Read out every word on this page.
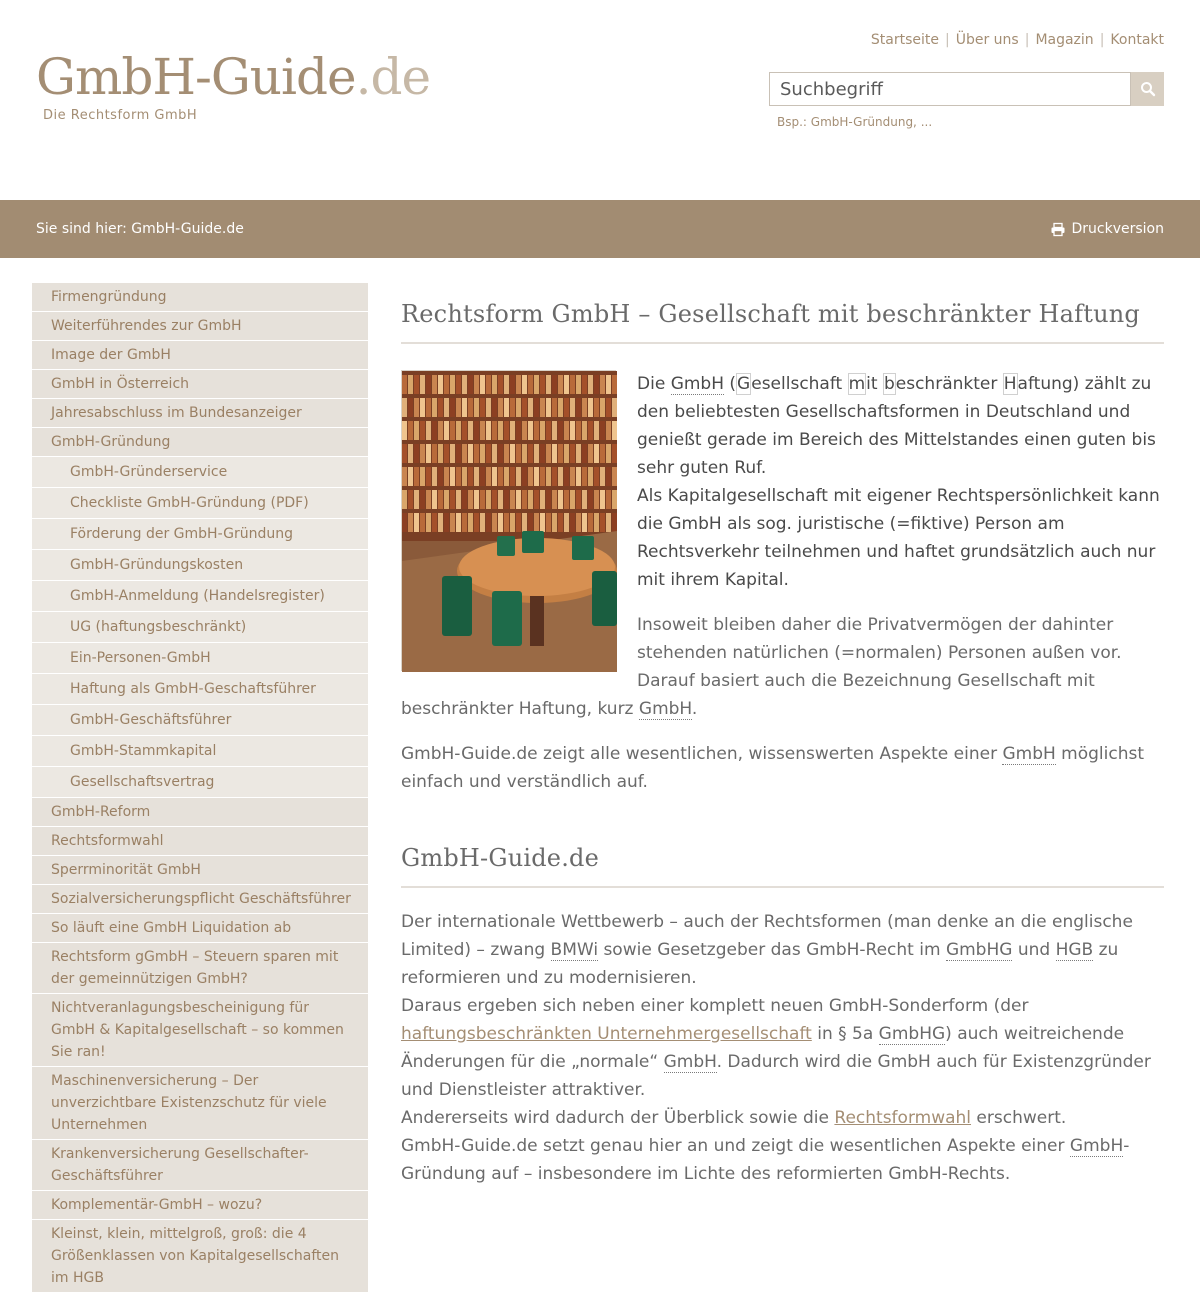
GmbH-Guide.de
Die Rechtsform GmbH
Startseite | Über uns | Magazin | Kontakt
Suchbegriff
Bsp.: GmbH-Gründung, ...
Sie sind hier: GmbH-Guide.de	Druckversion
Firmengründung
Weiterführendes zur GmbH
Image der GmbH
GmbH in Österreich
Jahresabschluss im Bundesanzeiger
GmbH-Gründung
GmbH-Gründerservice
Checkliste GmbH-Gründung (PDF)
Förderung der GmbH-Gründung
GmbH-Gründungskosten
GmbH-Anmeldung (Handelsregister)
UG (haftungsbeschränkt)
Ein-Personen-GmbH
Haftung als GmbH-Geschaftsführer
GmbH-Geschäftsführer
GmbH-Stammkapital
Gesellschaftsvertrag
GmbH-Reform
Rechtsformwahl
Sperrminorität GmbH
Sozialversicherungspflicht Geschäftsführer
So läuft eine GmbH Liquidation ab
Rechtsform gGmbH – Steuern sparen mit der gemeinnützigen GmbH?
Nichtveranlagungsbescheinigung für GmbH & Kapitalgesellschaft – so kommen Sie ran!
Maschinenversicherung – Der unverzichtbare Existenzschutz für viele Unternehmen
Krankenversicherung Gesellschafter-Geschäftsführer
Komplementär-GmbH – wozu?
Kleinst, klein, mittelgroß, groß: die 4 Größenklassen von Kapitalgesellschaften im HGB
Rechtsform GmbH – Gesellschaft mit beschränkter Haftung

Die GmbH (Gesellschaft mit beschränkter Haftung) zählt zu den beliebtesten Gesellschaftsformen in Deutschland und genießt gerade im Bereich des Mittelstandes einen guten bis sehr guten Ruf.
Als Kapitalgesellschaft mit eigener Rechtspersönlichkeit kann die GmbH als sog. juristische (=fiktive) Person am Rechtsverkehr teilnehmen und haftet grundsätzlich auch nur mit ihrem Kapital.

Insoweit bleiben daher die Privatvermögen der dahinter stehenden natürlichen (=normalen) Personen außen vor. Darauf basiert auch die Bezeichnung Gesellschaft mit beschränkter Haftung, kurz GmbH.

GmbH-Guide.de zeigt alle wesentlichen, wissenswerten Aspekte einer GmbH möglichst einfach und verständlich auf.

GmbH-Guide.de

Der internationale Wettbewerb – auch der Rechtsformen (man denke an die englische Limited) – zwang BMWi sowie Gesetzgeber das GmbH-Recht im GmbHG und HGB zu reformieren und zu modernisieren.
Daraus ergeben sich neben einer komplett neuen GmbH-Sonderform (der haftungsbeschränkten Unternehmergesellschaft in § 5a GmbHG) auch weitreichende Änderungen für die „normale“ GmbH. Dadurch wird die GmbH auch für Existenzgründer und Dienstleister attraktiver.
Andererseits wird dadurch der Überblick sowie die Rechtsformwahl erschwert.
GmbH-Guide.de setzt genau hier an und zeigt die wesentlichen Aspekte einer GmbH-Gründung auf – insbesondere im Lichte des reformierten GmbH-Rechts.
